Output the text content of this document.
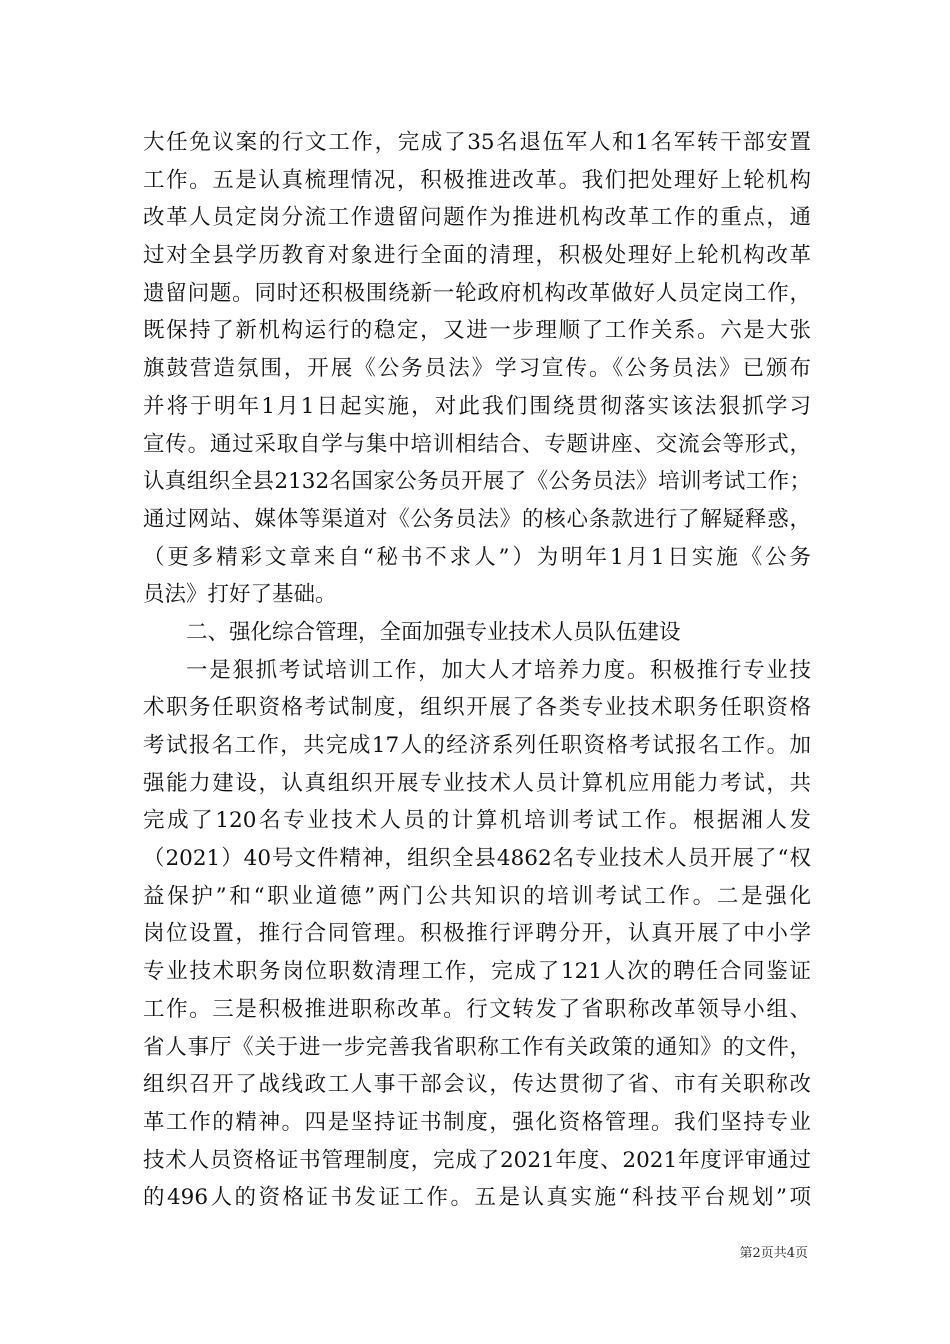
大任免议案的行文工作，完成了35名退伍军人和1名军转干部安置
工作。五是认真梳理情况，积极推进改革。我们把处理好上轮机构
改革人员定岗分流工作遗留问题作为推进机构改革工作的重点，通
过对全县学历教育对象进行全面的清理，积极处理好上轮机构改革
遗留问题。同时还积极围绕新一轮政府机构改革做好人员定岗工作，
既保持了新机构运行的稳定，又进一步理顺了工作关系。六是大张
旗鼓营造氛围，开展《公务员法》学习宣传。《公务员法》已颁布
并将于明年1月1日起实施，对此我们围绕贯彻落实该法狠抓学习
宣传。通过采取自学与集中培训相结合、专题讲座、交流会等形式，
认真组织全县2132名国家公务员开展了《公务员法》培训考试工作；
通过网站、媒体等渠道对《公务员法》的核心条款进行了解疑释惑，
（更多精彩文章来自“秘书不求人”）为明年1月1日实施《公务
员法》打好了基础。
二、强化综合管理，全面加强专业技术人员队伍建设
一是狠抓考试培训工作，加大人才培养力度。积极推行专业技
术职务任职资格考试制度，组织开展了各类专业技术职务任职资格
考试报名工作，共完成17人的经济系列任职资格考试报名工作。加
强能力建设，认真组织开展专业技术人员计算机应用能力考试，共
完成了120名专业技术人员的计算机培训考试工作。根据湘人发
（2021）40号文件精神，组织全县4862名专业技术人员开展了“权
益保护”和“职业道德”两门公共知识的培训考试工作。二是强化
岗位设置，推行合同管理。积极推行评聘分开，认真开展了中小学
专业技术职务岗位职数清理工作，完成了121人次的聘任合同鉴证
工作。三是积极推进职称改革。行文转发了省职称改革领导小组、
省人事厅《关于进一步完善我省职称工作有关政策的通知》的文件，
组织召开了战线政工人事干部会议，传达贯彻了省、市有关职称改
革工作的精神。四是坚持证书制度，强化资格管理。我们坚持专业
技术人员资格证书管理制度，完成了2021年度、2021年度评审通过
的496人的资格证书发证工作。五是认真实施“科技平台规划”项
第2页共4页
